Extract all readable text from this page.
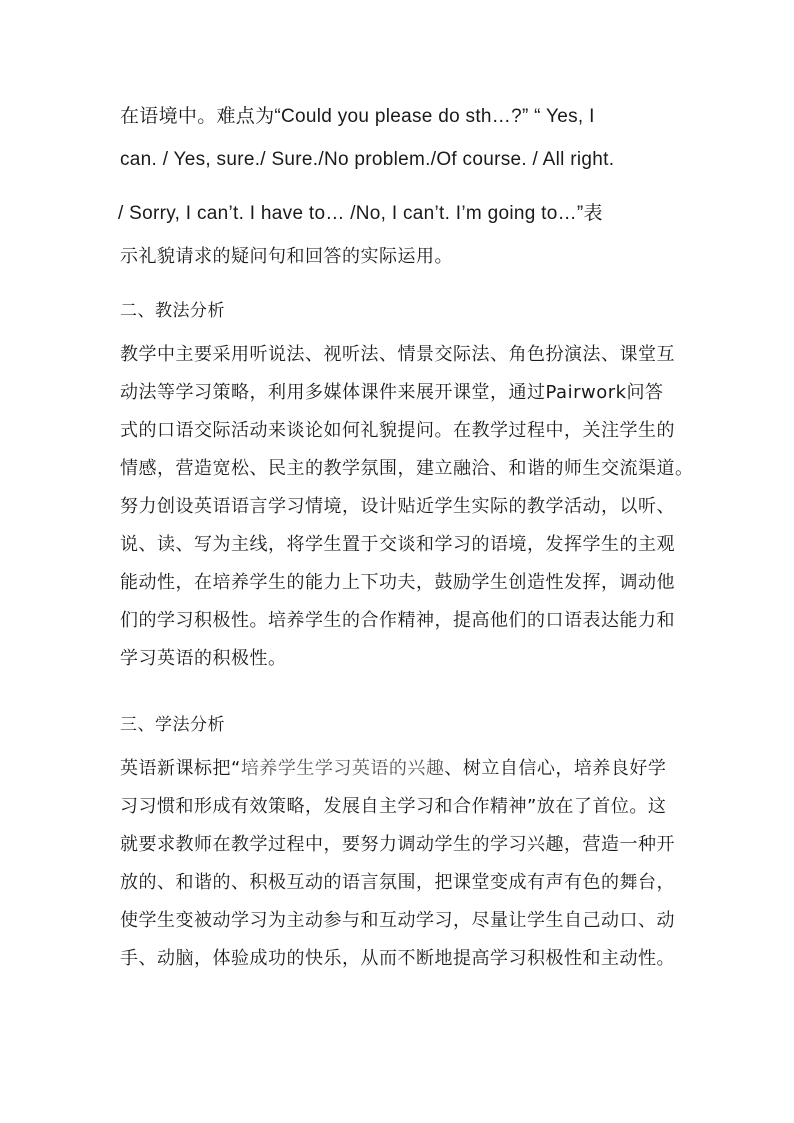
在语境中。难点为“Could you please do sth…?” “ Yes, I

can. / Yes, sure./ Sure./No problem./Of course. / All right.

/ Sorry, I can’t. I have to… /No, I can’t. I’m going to…”表

示礼貌请求的疑问句和回答的实际运用。

二、教法分析

教学中主要采用听说法、视听法、情景交际法、角色扮演法、课堂互

动法等学习策略，利用多媒体课件来展开课堂，通过Pairwork问答

式的口语交际活动来谈论如何礼貌提问。在教学过程中，关注学生的

情感，营造宽松、民主的教学氛围，建立融洽、和谐的师生交流渠道。

努力创设英语语言学习情境，设计贴近学生实际的教学活动，以听、

说、读、写为主线，将学生置于交谈和学习的语境，发挥学生的主观

能动性，在培养学生的能力上下功夫，鼓励学生创造性发挥，调动他

们的学习积极性。培养学生的合作精神，提高他们的口语表达能力和

学习英语的积极性。

三、学法分析

英语新课标把“培养学生学习英语的兴趣、树立自信心，培养良好学

习习惯和形成有效策略，发展自主学习和合作精神”放在了首位。这

就要求教师在教学过程中，要努力调动学生的学习兴趣，营造一种开

放的、和谐的、积极互动的语言氛围，把课堂变成有声有色的舞台，

使学生变被动学习为主动参与和互动学习，尽量让学生自己动口、动

手、动脑，体验成功的快乐，从而不断地提高学习积极性和主动性。
